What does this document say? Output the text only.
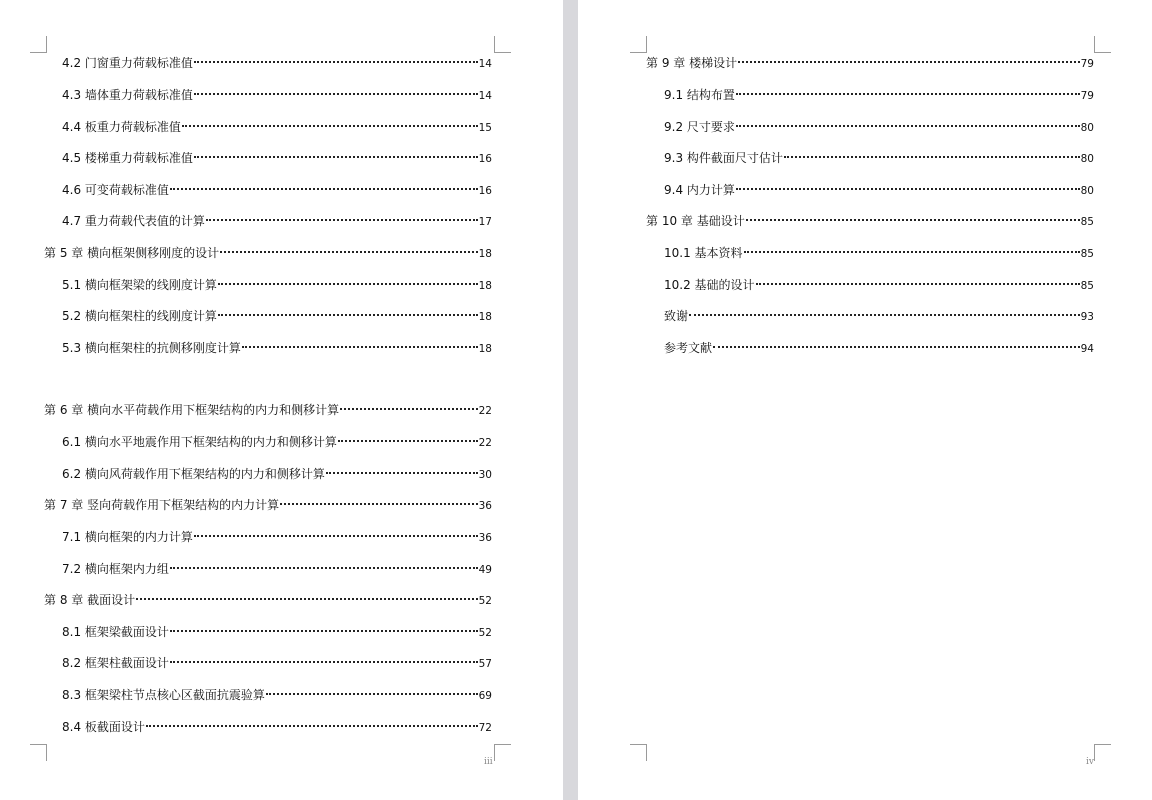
4.2 门窗重力荷载标准值	14
4.3 墙体重力荷载标准值	14
4.4 板重力荷载标准值	15
4.5 楼梯重力荷载标准值	16
4.6 可变荷载标准值	16
4.7 重力荷载代表值的计算	17
第 5 章 横向框架侧移刚度的设计	18
5.1 横向框架梁的线刚度计算	18
5.2 横向框架柱的线刚度计算	18
5.3 横向框架柱的抗侧移刚度计算	18
第 6 章 横向水平荷载作用下框架结构的内力和侧移计算	22
6.1 横向水平地震作用下框架结构的内力和侧移计算	22
6.2 横向风荷载作用下框架结构的内力和侧移计算	30
第 7 章 竖向荷载作用下框架结构的内力计算	36
7.1 横向框架的内力计算	36
7.2 横向框架内力组	49
第 8 章 截面设计	52
8.1 框架梁截面设计	52
8.2 框架柱截面设计	57
8.3 框架梁柱节点核心区截面抗震验算	69
8.4 板截面设计	72
iii
第 9 章 楼梯设计	79
9.1 结构布置	79
9.2 尺寸要求	80
9.3 构件截面尺寸估计	80
9.4 内力计算	80
第 10 章 基础设计	85
10.1 基本资料	85
10.2 基础的设计	85
致谢	93
参考文献	94
iv
